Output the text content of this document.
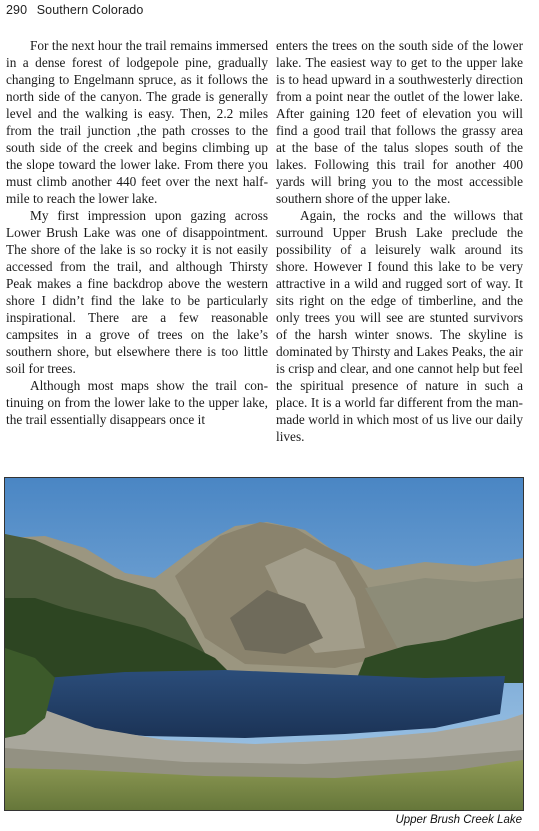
290 Southern Colorado

For the next hour the trail remains immersed in a dense forest of lodgepole pine, gradually changing to Engelmann spruce, as it follows the north side of the canyon. The grade is generally level and the walking is easy. Then, 2.2 miles from the trail junction ,the path crosses to the south side of the creek and begins climbing up the slope toward the lower lake. From there you must climb another 440 feet over the next halfmile to reach the lower lake.

My first impression upon gazing across Lower Brush Lake was one of disappointment. The shore of the lake is so rocky it is not easily accessed from the trail, and although Thirsty Peak makes a fine backdrop above the western shore I didn’t find the lake to be particularly inspirational. There are a few reasonable campsites in a grove of trees on the lake’s southern shore, but elsewhere there is too little soil for trees.

Although most maps show the trail continuing on from the lower lake to the upper lake, the trail essentially disappears once it

enters the trees on the south side of the lower lake. The easiest way to get to the upper lake is to head upward in a southwesterly direction from a point near the outlet of the lower lake. After gaining 120 feet of elevation you will find a good trail that follows the grassy area at the base of the talus slopes south of the lakes. Following this trail for another 400 yards will bring you to the most accessible southern shore of the upper lake.

Again, the rocks and the willows that surround Upper Brush Lake preclude the possibility of a leisurely walk around its shore. However I found this lake to be very attractive in a wild and rugged sort of way. It sits right on the edge of timberline, and the only trees you will see are stunted survivors of the harsh winter snows. The skyline is dominated by Thirsty and Lakes Peaks, the air is crisp and clear, and one cannot help but feel the spiritual presence of nature in such a place. It is a world far different from the man-made world in which most of us live our daily lives.

Upper Brush Creek Lake
